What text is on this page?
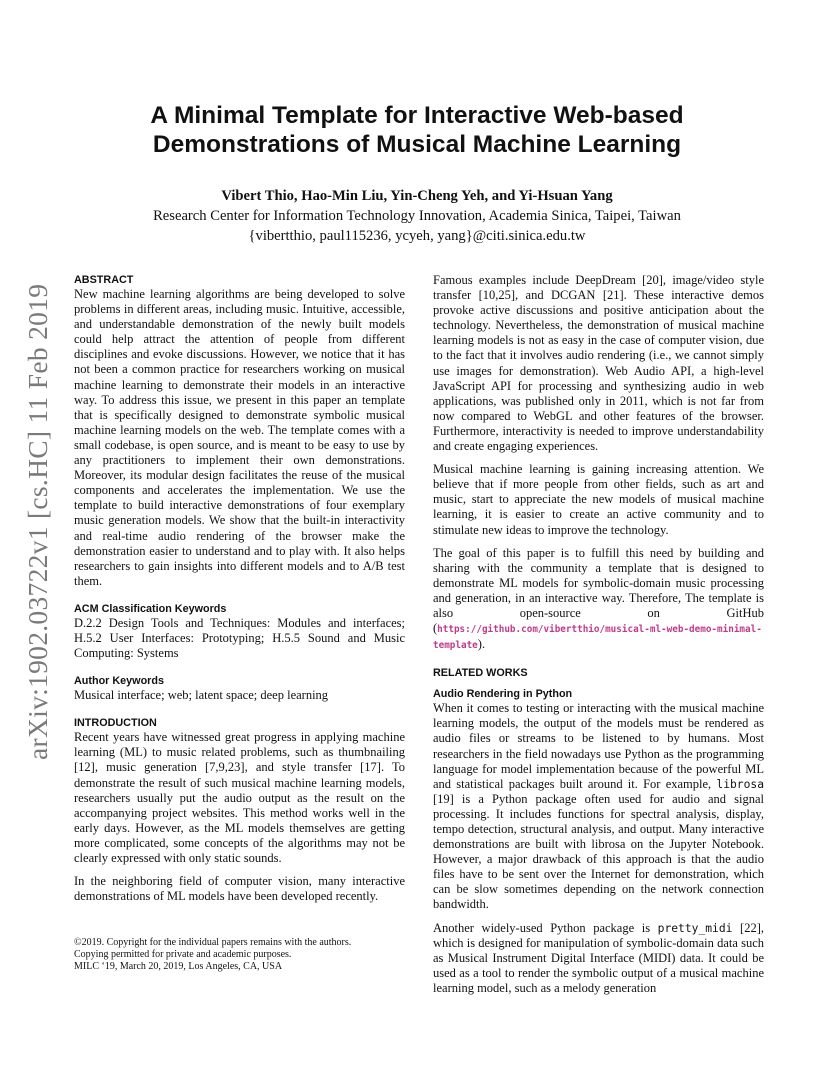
arXiv:1902.03722v1 [cs.HC] 11 Feb 2019
A Minimal Template for Interactive Web-based
Demonstrations of Musical Machine Learning
Vibert Thio, Hao-Min Liu, Yin-Cheng Yeh, and Yi-Hsuan Yang
Research Center for Information Technology Innovation, Academia Sinica, Taipei, Taiwan
{vibertthio, paul115236, ycyeh, yang}@citi.sinica.edu.tw
ABSTRACT

New machine learning algorithms are being developed to solve problems in different areas, including music. Intuitive, accessible, and understandable demonstration of the newly built models could help attract the attention of people from different disciplines and evoke discussions. However, we notice that it has not been a common practice for researchers working on musical machine learning to demonstrate their models in an interactive way. To address this issue, we present in this paper an template that is specifically designed to demonstrate symbolic musical machine learning models on the web. The template comes with a small codebase, is open source, and is meant to be easy to use by any practitioners to implement their own demonstrations. Moreover, its modular design facilitates the reuse of the musical components and accelerates the implementation. We use the template to build interactive demonstrations of four exemplary music generation models. We show that the built-in interactivity and real-time audio rendering of the browser make the demonstration easier to understand and to play with. It also helps researchers to gain insights into different models and to A/B test them.

ACM Classification Keywords

D.2.2 Design Tools and Techniques: Modules and interfaces; H.5.2 User Interfaces: Prototyping; H.5.5 Sound and Music Computing: Systems

Author Keywords

Musical interface; web; latent space; deep learning

INTRODUCTION

Recent years have witnessed great progress in applying machine learning (ML) to music related problems, such as thumbnailing [12], music generation [7,9,23], and style transfer [17]. To demonstrate the result of such musical machine learning models, researchers usually put the audio output as the result on the accompanying project websites. This method works well in the early days. However, as the ML models themselves are getting more complicated, some concepts of the algorithms may not be clearly expressed with only static sounds.

In the neighboring field of computer vision, many interactive demonstrations of ML models have been developed recently.

©2019. Copyright for the individual papers remains with the authors.
Copying permitted for private and academic purposes.
MILC ‘19, March 20, 2019, Los Angeles, CA, USA

Famous examples include DeepDream [20], image/video style transfer [10,25], and DCGAN [21]. These interactive demos provoke active discussions and positive anticipation about the technology. Nevertheless, the demonstration of musical machine learning models is not as easy in the case of computer vision, due to the fact that it involves audio rendering (i.e., we cannot simply use images for demonstration). Web Audio API, a high-level JavaScript API for processing and synthesizing audio in web applications, was published only in 2011, which is not far from now compared to WebGL and other features of the browser. Furthermore, interactivity is needed to improve understandability and create engaging experiences.

Musical machine learning is gaining increasing attention. We believe that if more people from other fields, such as art and music, start to appreciate the new models of musical machine learning, it is easier to create an active community and to stimulate new ideas to improve the technology.

The goal of this paper is to fulfill this need by building and sharing with the community a template that is designed to demonstrate ML models for symbolic-domain music processing and generation, in an interactive way. Therefore, The template is also open-source on GitHub (https://github.com/vibertthio/musical-ml-web-demo-minimal-template).

RELATED WORKS
Audio Rendering in Python

When it comes to testing or interacting with the musical machine learning models, the output of the models must be rendered as audio files or streams to be listened to by humans. Most researchers in the field nowadays use Python as the programming language for model implementation because of the powerful ML and statistical packages built around it. For example, librosa [19] is a Python package often used for audio and signal processing. It includes functions for spectral analysis, display, tempo detection, structural analysis, and output. Many interactive demonstrations are built with librosa on the Jupyter Notebook. However, a major drawback of this approach is that the audio files have to be sent over the Internet for demonstration, which can be slow sometimes depending on the network connection bandwidth.

Another widely-used Python package is pretty_midi [22], which is designed for manipulation of symbolic-domain data such as Musical Instrument Digital Interface (MIDI) data. It could be used as a tool to render the symbolic output of a musical machine learning model, such as a melody generation
